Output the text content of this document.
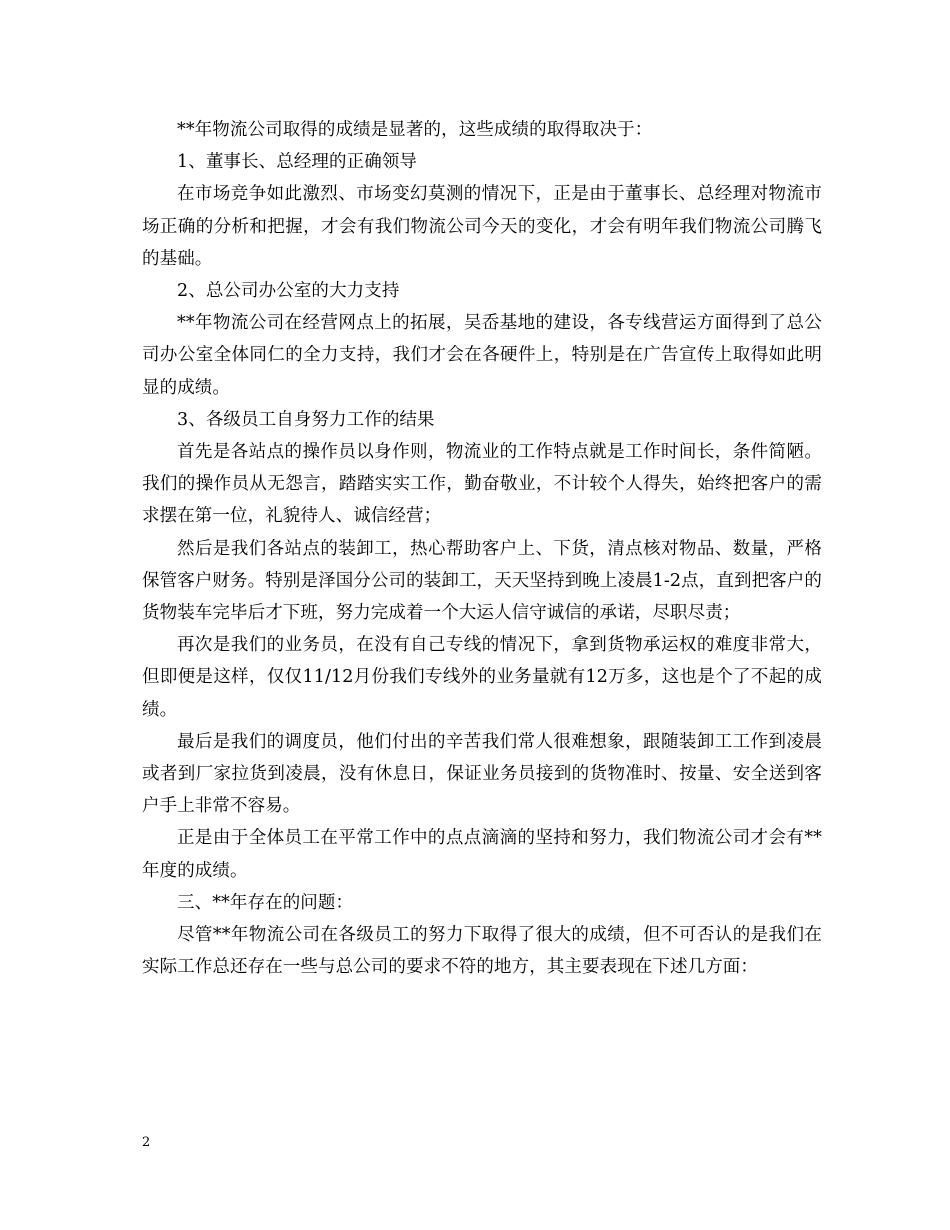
**年物流公司取得的成绩是显著的，这些成绩的取得取决于：

1、董事长、总经理的正确领导

在市场竞争如此激烈、市场变幻莫测的情况下，正是由于董事长、总经理对物流市场正确的分析和把握，才会有我们物流公司今天的变化，才会有明年我们物流公司腾飞的基础。

2、总公司办公室的大力支持

**年物流公司在经营网点上的拓展，吴岙基地的建设，各专线营运方面得到了总公司办公室全体同仁的全力支持，我们才会在各硬件上，特别是在广告宣传上取得如此明显的成绩。

3、各级员工自身努力工作的结果

首先是各站点的操作员以身作则，物流业的工作特点就是工作时间长，条件简陋。我们的操作员从无怨言，踏踏实实工作，勤奋敬业，不计较个人得失，始终把客户的需求摆在第一位，礼貌待人、诚信经营；

然后是我们各站点的装卸工，热心帮助客户上、下货，清点核对物品、数量，严格保管客户财务。特别是泽国分公司的装卸工，天天坚持到晚上凌晨1-2点，直到把客户的货物装车完毕后才下班，努力完成着一个大运人信守诚信的承诺，尽职尽责；

再次是我们的业务员，在没有自己专线的情况下，拿到货物承运权的难度非常大，但即便是这样，仅仅11/12月份我们专线外的业务量就有12万多，这也是个了不起的成绩。

最后是我们的调度员，他们付出的辛苦我们常人很难想象，跟随装卸工工作到凌晨或者到厂家拉货到凌晨，没有休息日，保证业务员接到的货物准时、按量、安全送到客户手上非常不容易。

正是由于全体员工在平常工作中的点点滴滴的坚持和努力，我们物流公司才会有**年度的成绩。

三、**年存在的问题：

尽管**年物流公司在各级员工的努力下取得了很大的成绩，但不可否认的是我们在实际工作总还存在一些与总公司的要求不符的地方，其主要表现在下述几方面：

2
